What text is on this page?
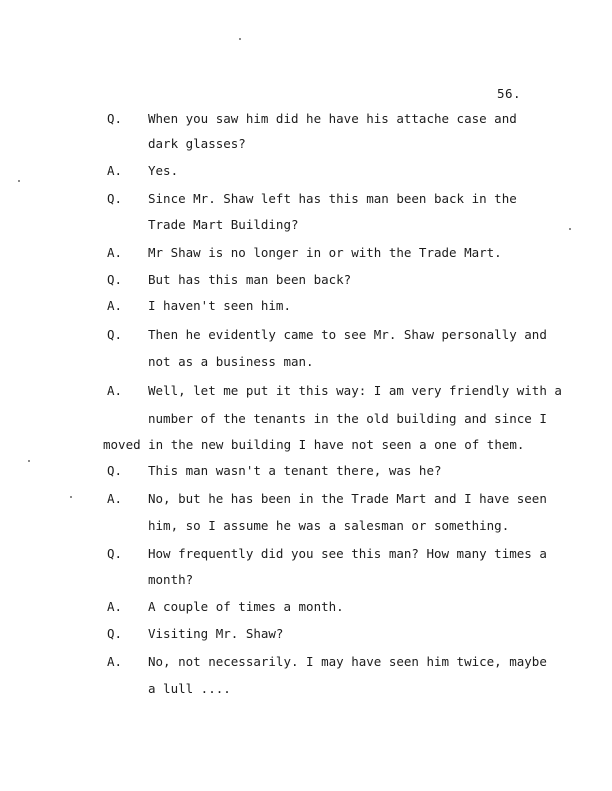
56.
Q. When you saw him did he have his attache case and
dark glasses?
A. Yes.
Q. Since Mr. Shaw left has this man been back in the
Trade Mart Building?
A. Mr Shaw is no longer in or with the Trade Mart.
Q. But has this man been back?
A. I haven't seen him.
Q. Then he evidently came to see Mr. Shaw personally and
not as a business man.
A. Well, let me put it this way: I am very friendly with a
number of the tenants in the old building and since I
moved in the new building I have not seen a one of them.
Q. This man wasn't a tenant there, was he?
A. No, but he has been in the Trade Mart and I have seen
him, so I assume he was a salesman or something.
Q. How frequently did you see this man? How many times a
month?
A. A couple of times a month.
Q. Visiting Mr. Shaw?
A. No, not necessarily. I may have seen him twice, maybe
a lull ....
